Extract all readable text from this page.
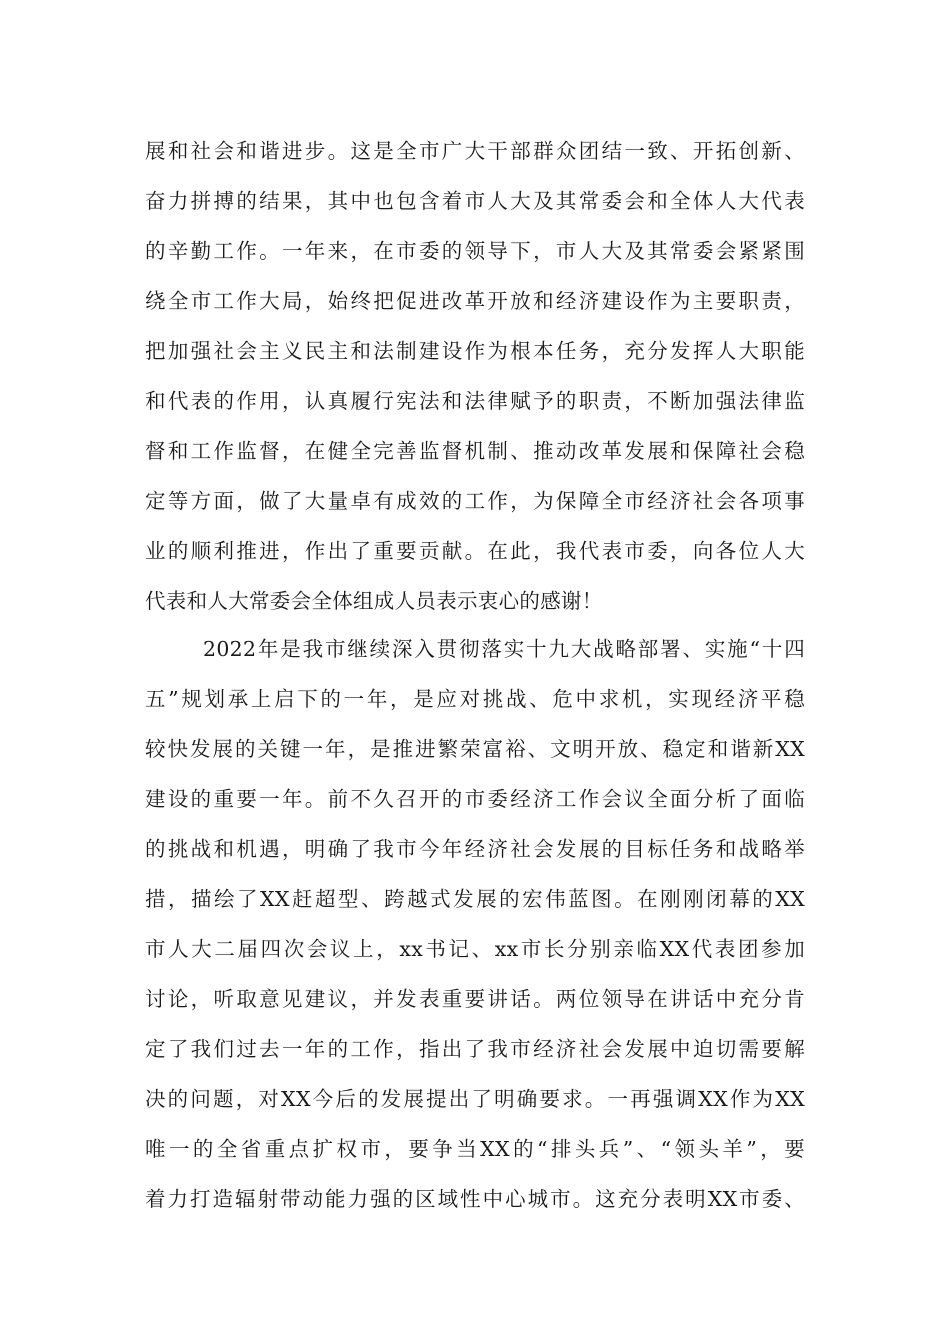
展和社会和谐进步。这是全市广大干部群众团结一致、开拓创新、
奋力拼搏的结果，其中也包含着市人大及其常委会和全体人大代表
的辛勤工作。一年来，在市委的领导下，市人大及其常委会紧紧围
绕全市工作大局，始终把促进改革开放和经济建设作为主要职责，
把加强社会主义民主和法制建设作为根本任务，充分发挥人大职能
和代表的作用，认真履行宪法和法律赋予的职责，不断加强法律监
督和工作监督，在健全完善监督机制、推动改革发展和保障社会稳
定等方面，做了大量卓有成效的工作，为保障全市经济社会各项事
业的顺利推进，作出了重要贡献。在此，我代表市委，向各位人大
代表和人大常委会全体组成人员表示衷心的感谢！
2022年是我市继续深入贯彻落实十九大战略部署、实施“十四
五”规划承上启下的一年，是应对挑战、危中求机，实现经济平稳
较快发展的关键一年，是推进繁荣富裕、文明开放、稳定和谐新XX
建设的重要一年。前不久召开的市委经济工作会议全面分析了面临
的挑战和机遇，明确了我市今年经济社会发展的目标任务和战略举
措，描绘了XX赶超型、跨越式发展的宏伟蓝图。在刚刚闭幕的XX
市人大二届四次会议上，xx书记、xx市长分别亲临XX代表团参加
讨论，听取意见建议，并发表重要讲话。两位领导在讲话中充分肯
定了我们过去一年的工作，指出了我市经济社会发展中迫切需要解
决的问题，对XX今后的发展提出了明确要求。一再强调XX作为XX
唯一的全省重点扩权市，要争当XX的“排头兵”、“领头羊”，要
着力打造辐射带动能力强的区域性中心城市。这充分表明XX市委、
